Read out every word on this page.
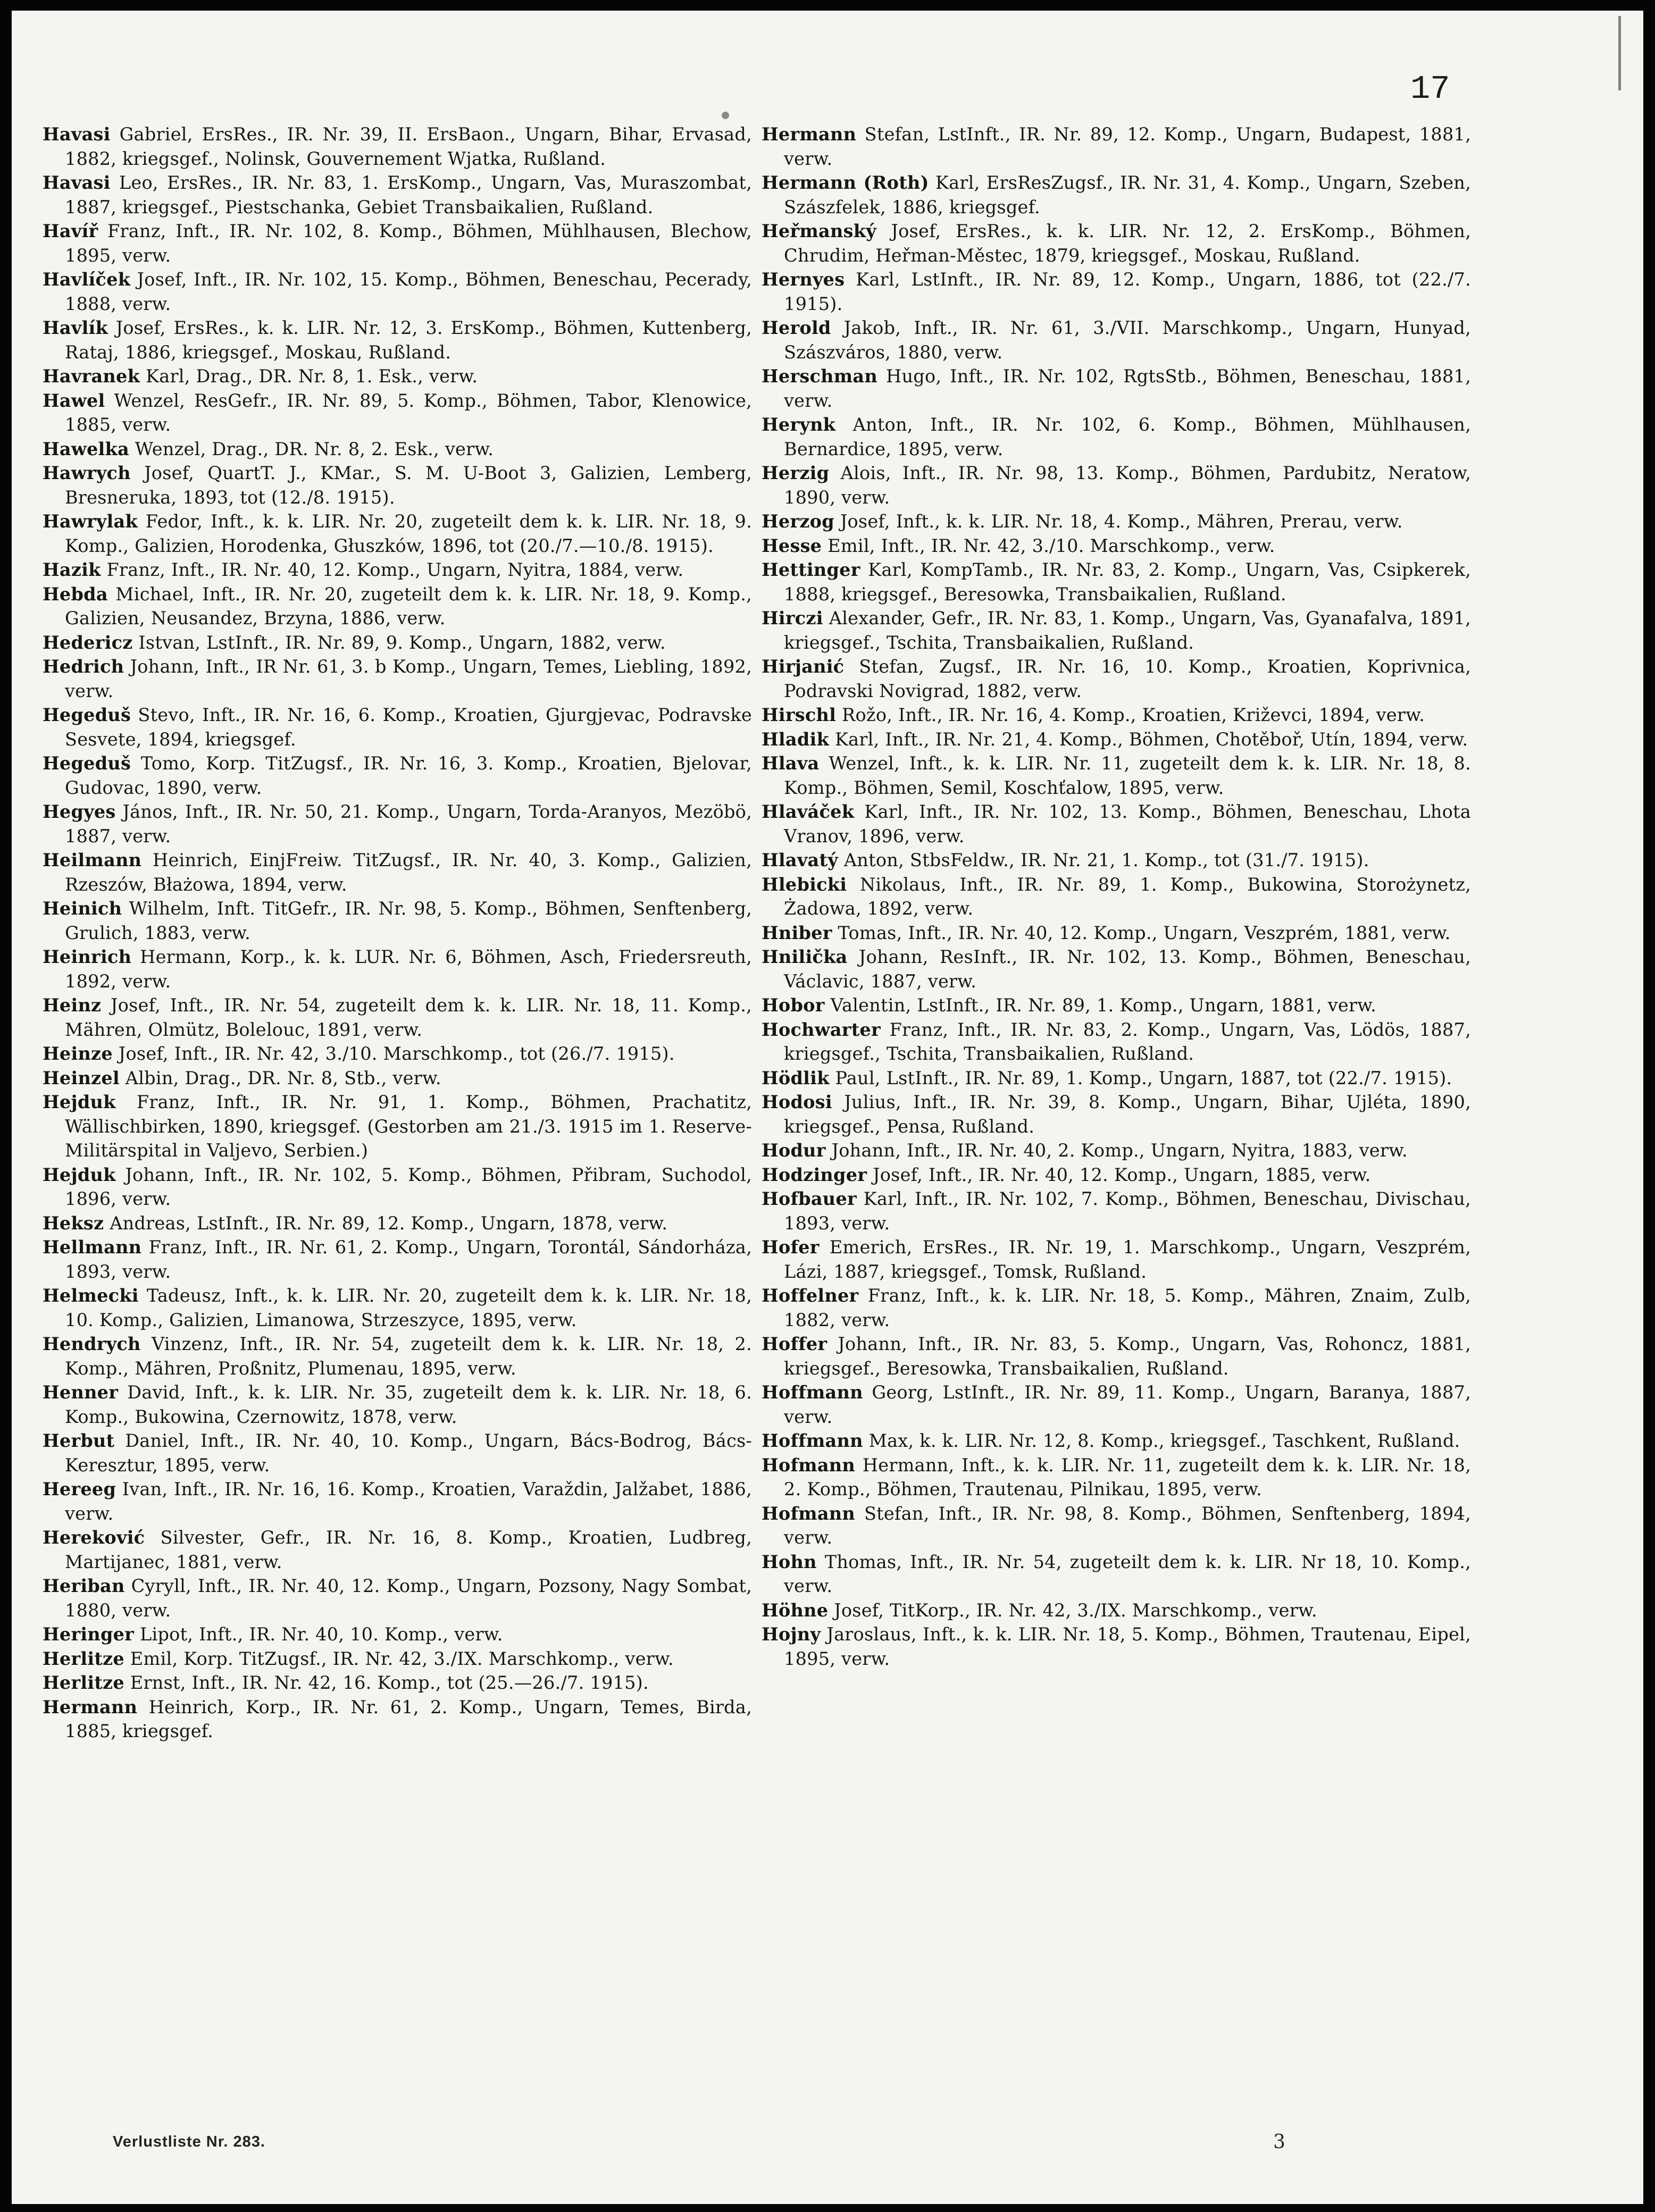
17
Havasi Gabriel, ErsRes., IR. Nr. 39, II. ErsBaon., Ungarn, Bihar, Ervasad, 1882, kriegsgef., Nolinsk, Gouvernement Wjatka, Rußland.
Havasi Leo, ErsRes., IR. Nr. 83, 1. ErsKomp., Ungarn, Vas, Muraszombat, 1887, kriegsgef., Piestschanka, Gebiet Transbaikalien, Rußland.
Havíř Franz, Inft., IR. Nr. 102, 8. Komp., Böhmen, Mühlhausen, Blechow, 1895, verw.
Havlíček Josef, Inft., IR. Nr. 102, 15. Komp., Böhmen, Beneschau, Pecerady, 1888, verw.
Havlík Josef, ErsRes., k. k. LIR. Nr. 12, 3. ErsKomp., Böhmen, Kuttenberg, Rataj, 1886, kriegsgef., Moskau, Rußland.
Havranek Karl, Drag., DR. Nr. 8, 1. Esk., verw.
Hawel Wenzel, ResGefr., IR. Nr. 89, 5. Komp., Böhmen, Tabor, Klenowice, 1885, verw.
Hawelka Wenzel, Drag., DR. Nr. 8, 2. Esk., verw.
Hawrych Josef, QuartT. J., KMar., S. M. U-Boot 3, Galizien, Lemberg, Bresneruka, 1893, tot (12./8. 1915).
Hawrylak Fedor, Inft., k. k. LIR. Nr. 20, zugeteilt dem k. k. LIR. Nr. 18, 9. Komp., Galizien, Horodenka, Głuszków, 1896, tot (20./7.—10./8. 1915).
Hazik Franz, Inft., IR. Nr. 40, 12. Komp., Ungarn, Nyitra, 1884, verw.
Hebda Michael, Inft., IR. Nr. 20, zugeteilt dem k. k. LIR. Nr. 18, 9. Komp., Galizien, Neusandez, Brzyna, 1886, verw.
Hedericz Istvan, LstInft., IR. Nr. 89, 9. Komp., Ungarn, 1882, verw.
Hedrich Johann, Inft., IR Nr. 61, 3. b Komp., Ungarn, Temes, Liebling, 1892, verw.
Hegeduš Stevo, Inft., IR. Nr. 16, 6. Komp., Kroatien, Gjurgjevac, Podravske Sesvete, 1894, kriegsgef.
Hegeduš Tomo, Korp. TitZugsf., IR. Nr. 16, 3. Komp., Kroatien, Bjelovar, Gudovac, 1890, verw.
Hegyes János, Inft., IR. Nr. 50, 21. Komp., Ungarn, Torda-Aranyos, Mezöbö, 1887, verw.
Heilmann Heinrich, EinjFreiw. TitZugsf., IR. Nr. 40, 3. Komp., Galizien, Rzeszów, Błażowa, 1894, verw.
Heinich Wilhelm, Inft. TitGefr., IR. Nr. 98, 5. Komp., Böhmen, Senftenberg, Grulich, 1883, verw.
Heinrich Hermann, Korp., k. k. LUR. Nr. 6, Böhmen, Asch, Friedersreuth, 1892, verw.
Heinz Josef, Inft., IR. Nr. 54, zugeteilt dem k. k. LIR. Nr. 18, 11. Komp., Mähren, Olmütz, Bolelouc, 1891, verw.
Heinze Josef, Inft., IR. Nr. 42, 3./10. Marschkomp., tot (26./7. 1915).
Heinzel Albin, Drag., DR. Nr. 8, Stb., verw.
Hejduk Franz, Inft., IR. Nr. 91, 1. Komp., Böhmen, Prachatitz, Wällischbirken, 1890, kriegsgef. (Gestorben am 21./3. 1915 im 1. Reserve-Militärspital in Valjevo, Serbien.)
Hejduk Johann, Inft., IR. Nr. 102, 5. Komp., Böhmen, Přibram, Suchodol, 1896, verw.
Heksz Andreas, LstInft., IR. Nr. 89, 12. Komp., Ungarn, 1878, verw.
Hellmann Franz, Inft., IR. Nr. 61, 2. Komp., Ungarn, Torontál, Sándorháza, 1893, verw.
Helmecki Tadeusz, Inft., k. k. LIR. Nr. 20, zugeteilt dem k. k. LIR. Nr. 18, 10. Komp., Galizien, Limanowa, Strzeszyce, 1895, verw.
Hendrych Vinzenz, Inft., IR. Nr. 54, zugeteilt dem k. k. LIR. Nr. 18, 2. Komp., Mähren, Proßnitz, Plumenau, 1895, verw.
Henner David, Inft., k. k. LIR. Nr. 35, zugeteilt dem k. k. LIR. Nr. 18, 6. Komp., Bukowina, Czernowitz, 1878, verw.
Herbut Daniel, Inft., IR. Nr. 40, 10. Komp., Ungarn, Bács-Bodrog, Bács-Keresztur, 1895, verw.
Hereeg Ivan, Inft., IR. Nr. 16, 16. Komp., Kroatien, Varaždin, Jalžabet, 1886, verw.
Hereković Silvester, Gefr., IR. Nr. 16, 8. Komp., Kroatien, Ludbreg, Martijanec, 1881, verw.
Heriban Cyryll, Inft., IR. Nr. 40, 12. Komp., Ungarn, Pozsony, Nagy Sombat, 1880, verw.
Heringer Lipot, Inft., IR. Nr. 40, 10. Komp., verw.
Herlitze Emil, Korp. TitZugsf., IR. Nr. 42, 3./IX. Marschkomp., verw.
Herlitze Ernst, Inft., IR. Nr. 42, 16. Komp., tot (25.—26./7. 1915).
Hermann Heinrich, Korp., IR. Nr. 61, 2. Komp., Ungarn, Temes, Birda, 1885, kriegsgef.
Hermann Stefan, LstInft., IR. Nr. 89, 12. Komp., Ungarn, Budapest, 1881, verw.
Hermann (Roth) Karl, ErsResZugsf., IR. Nr. 31, 4. Komp., Ungarn, Szeben, Szászfelek, 1886, kriegsgef.
Heřmanský Josef, ErsRes., k. k. LIR. Nr. 12, 2. ErsKomp., Böhmen, Chrudim, Heřman-Městec, 1879, kriegsgef., Moskau, Rußland.
Hernyes Karl, LstInft., IR. Nr. 89, 12. Komp., Ungarn, 1886, tot (22./7. 1915).
Herold Jakob, Inft., IR. Nr. 61, 3./VII. Marschkomp., Ungarn, Hunyad, Szászváros, 1880, verw.
Herschman Hugo, Inft., IR. Nr. 102, RgtsStb., Böhmen, Beneschau, 1881, verw.
Herynk Anton, Inft., IR. Nr. 102, 6. Komp., Böhmen, Mühlhausen, Bernardice, 1895, verw.
Herzig Alois, Inft., IR. Nr. 98, 13. Komp., Böhmen, Pardubitz, Neratow, 1890, verw.
Herzog Josef, Inft., k. k. LIR. Nr. 18, 4. Komp., Mähren, Prerau, verw.
Hesse Emil, Inft., IR. Nr. 42, 3./10. Marschkomp., verw.
Hettinger Karl, KompTamb., IR. Nr. 83, 2. Komp., Ungarn, Vas, Csipkerek, 1888, kriegsgef., Beresowka, Transbaikalien, Rußland.
Hirczi Alexander, Gefr., IR. Nr. 83, 1. Komp., Ungarn, Vas, Gyanafalva, 1891, kriegsgef., Tschita, Transbaikalien, Rußland.
Hirjanić Stefan, Zugsf., IR. Nr. 16, 10. Komp., Kroatien, Koprivnica, Podravski Novigrad, 1882, verw.
Hirschl Rožo, Inft., IR. Nr. 16, 4. Komp., Kroatien, Križevci, 1894, verw.
Hladik Karl, Inft., IR. Nr. 21, 4. Komp., Böhmen, Chotěboř, Utín, 1894, verw.
Hlava Wenzel, Inft., k. k. LIR. Nr. 11, zugeteilt dem k. k. LIR. Nr. 18, 8. Komp., Böhmen, Semil, Koschťalow, 1895, verw.
Hlaváček Karl, Inft., IR. Nr. 102, 13. Komp., Böhmen, Beneschau, Lhota Vranov, 1896, verw.
Hlavatý Anton, StbsFeldw., IR. Nr. 21, 1. Komp., tot (31./7. 1915).
Hlebicki Nikolaus, Inft., IR. Nr. 89, 1. Komp., Bukowina, Storożynetz, Żadowa, 1892, verw.
Hniber Tomas, Inft., IR. Nr. 40, 12. Komp., Ungarn, Veszprém, 1881, verw.
Hnilička Johann, ResInft., IR. Nr. 102, 13. Komp., Böhmen, Beneschau, Václavic, 1887, verw.
Hobor Valentin, LstInft., IR. Nr. 89, 1. Komp., Ungarn, 1881, verw.
Hochwarter Franz, Inft., IR. Nr. 83, 2. Komp., Ungarn, Vas, Lödös, 1887, kriegsgef., Tschita, Transbaikalien, Rußland.
Hödlik Paul, LstInft., IR. Nr. 89, 1. Komp., Ungarn, 1887, tot (22./7. 1915).
Hodosi Julius, Inft., IR. Nr. 39, 8. Komp., Ungarn, Bihar, Ujléta, 1890, kriegsgef., Pensa, Rußland.
Hodur Johann, Inft., IR. Nr. 40, 2. Komp., Ungarn, Nyitra, 1883, verw.
Hodzinger Josef, Inft., IR. Nr. 40, 12. Komp., Ungarn, 1885, verw.
Hofbauer Karl, Inft., IR. Nr. 102, 7. Komp., Böhmen, Beneschau, Divischau, 1893, verw.
Hofer Emerich, ErsRes., IR. Nr. 19, 1. Marschkomp., Ungarn, Veszprém, Lázi, 1887, kriegsgef., Tomsk, Rußland.
Hoffelner Franz, Inft., k. k. LIR. Nr. 18, 5. Komp., Mähren, Znaim, Zulb, 1882, verw.
Hoffer Johann, Inft., IR. Nr. 83, 5. Komp., Ungarn, Vas, Rohoncz, 1881, kriegsgef., Beresowka, Transbaikalien, Rußland.
Hoffmann Georg, LstInft., IR. Nr. 89, 11. Komp., Ungarn, Baranya, 1887, verw.
Hoffmann Max, k. k. LIR. Nr. 12, 8. Komp., kriegsgef., Taschkent, Rußland.
Hofmann Hermann, Inft., k. k. LIR. Nr. 11, zugeteilt dem k. k. LIR. Nr. 18, 2. Komp., Böhmen, Trautenau, Pilnikau, 1895, verw.
Hofmann Stefan, Inft., IR. Nr. 98, 8. Komp., Böhmen, Senftenberg, 1894, verw.
Hohn Thomas, Inft., IR. Nr. 54, zugeteilt dem k. k. LIR. Nr 18, 10. Komp., verw.
Höhne Josef, TitKorp., IR. Nr. 42, 3./IX. Marschkomp., verw.
Hojny Jaroslaus, Inft., k. k. LIR. Nr. 18, 5. Komp., Böhmen, Trautenau, Eipel, 1895, verw.
Verlustliste Nr. 283.	3
